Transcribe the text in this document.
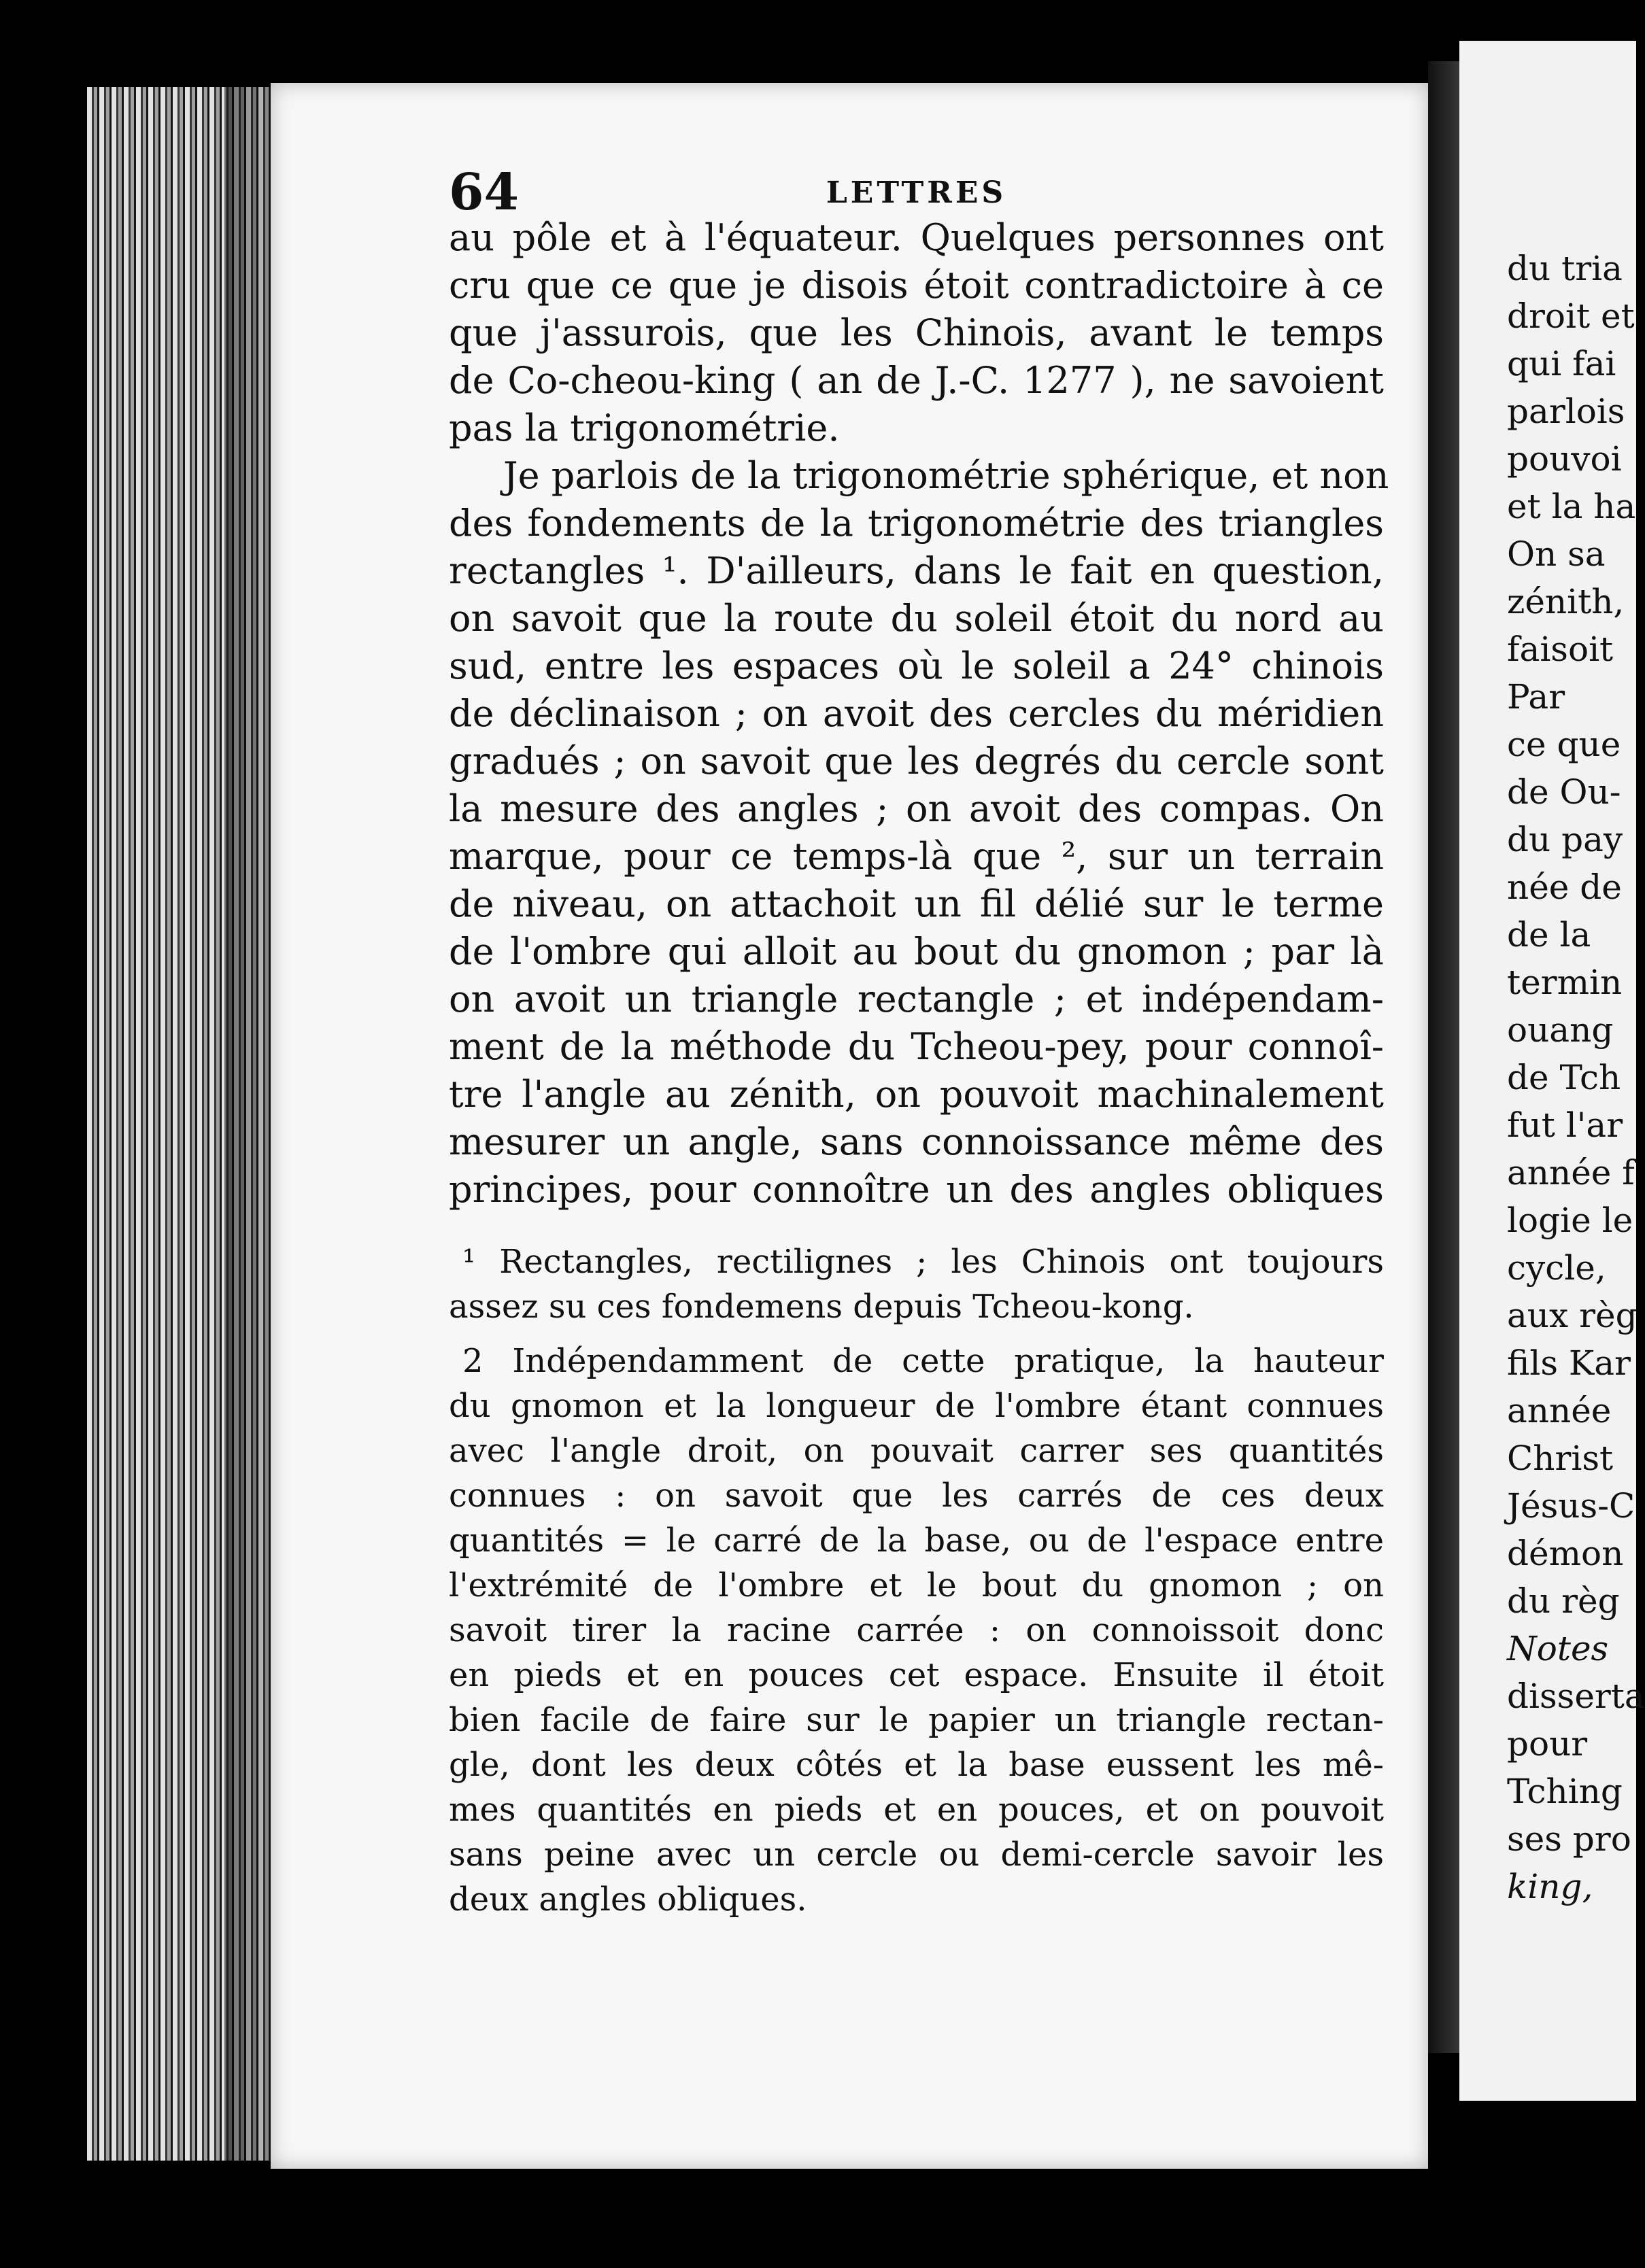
64	LETTRES
au pôle et à l'équateur. Quelques personnes ont
cru que ce que je disois étoit contradictoire à ce
que j'assurois, que les Chinois, avant le temps
de Co-cheou-king ( an de J.-C. 1277 ), ne savoient
pas la trigonométrie.
Je parlois de la trigonométrie sphérique, et non
des fondements de la trigonométrie des triangles
rectangles ¹. D'ailleurs, dans le fait en question,
on savoit que la route du soleil étoit du nord au
sud, entre les espaces où le soleil a 24° chinois
de déclinaison ; on avoit des cercles du méridien
gradués ; on savoit que les degrés du cercle sont
la mesure des angles ; on avoit des compas. On
marque, pour ce temps-là que ², sur un terrain
de niveau, on attachoit un fil délié sur le terme
de l'ombre qui alloit au bout du gnomon ; par là
on avoit un triangle rectangle ; et indépendam-
ment de la méthode du Tcheou-pey, pour connoî-
tre l'angle au zénith, on pouvoit machinalement
mesurer un angle, sans connoissance même des
principes, pour connoître un des angles obliques
¹ Rectangles, rectilignes ; les Chinois ont toujours
assez su ces fondemens depuis Tcheou-kong.
2 Indépendamment de cette pratique, la hauteur
du gnomon et la longueur de l'ombre étant connues
avec l'angle droit, on pouvait carrer ses quantités
connues : on savoit que les carrés de ces deux
quantités = le carré de la base, ou de l'espace entre
l'extrémité de l'ombre et le bout du gnomon ; on
savoit tirer la racine carrée : on connoissoit donc
en pieds et en pouces cet espace. Ensuite il étoit
bien facile de faire sur le papier un triangle rectan-
gle, dont les deux côtés et la base eussent les mê-
mes quantités en pieds et en pouces, et on pouvoit
sans peine avec un cercle ou demi-cercle savoir les
deux angles obliques.
du tria
droit et
qui fai
parlois
pouvoi
et la ha
On sa
zénith,
faisoit
Par
ce que
de Ou-
du pay
née de
de la
termin
ouang
de Tch
fut l'ar
année f
logie le
cycle,
aux règ
fils Kar
année
Christ
Jésus-C
démon
du règ
Notes
disserta
pour
Tching
ses pro
king,
